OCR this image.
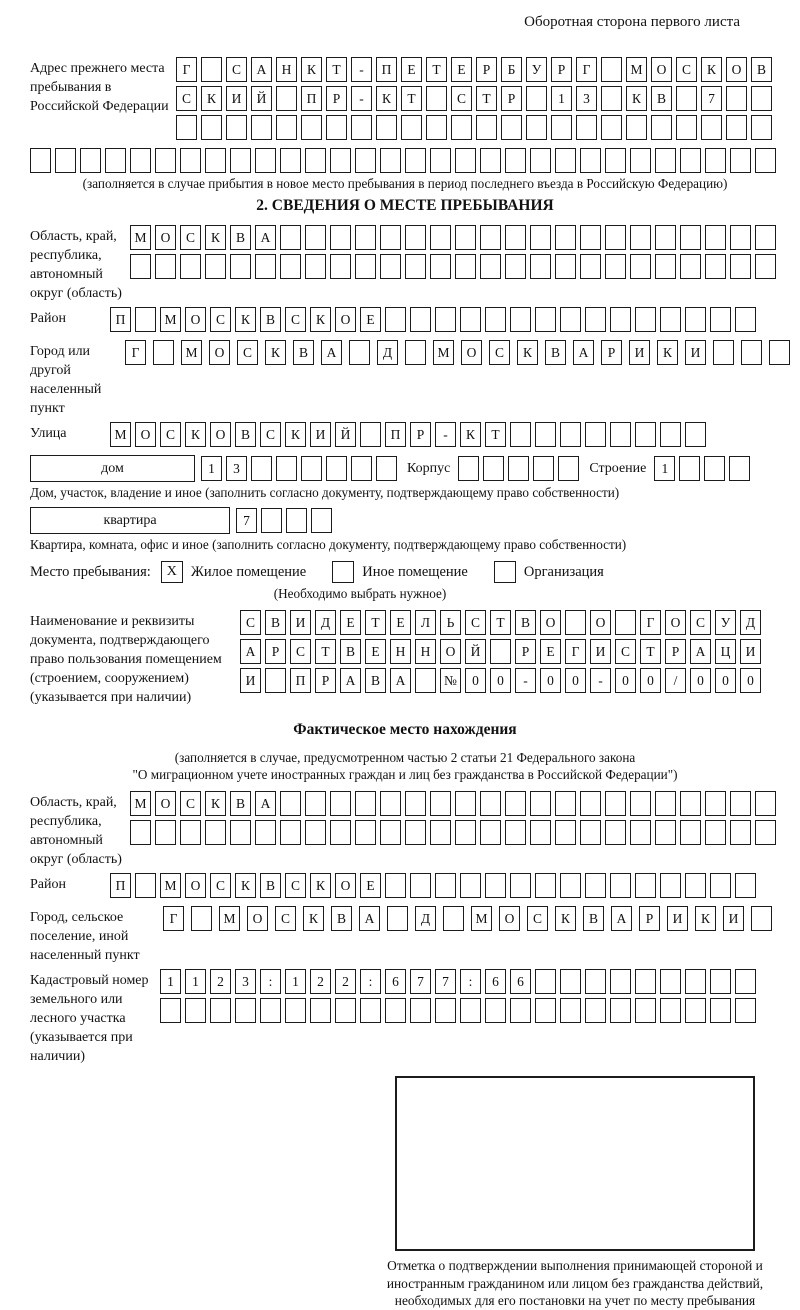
Оборотная сторона первого листа
Адрес прежнего места пребывания в Российской Федерации
Г	С	А	Н	К	Т	-	П	Е	Т	Е	Р	Б	У	Р	Г	М	О	С	К	О	В
С	К	И	Й	П	Р	-	К	Т	С	Т	Р	1	3	К	В	7
(заполняется в случае прибытия в новое место пребывания в период последнего въезда в Российскую Федерацию)
2. СВЕДЕНИЯ О МЕСТЕ ПРЕБЫВАНИЯ
Область, край, республика, автономный округ (область)
М	О	С	К	В	А
Район	П	М	О	С	К	В	С	К	О	Е
Город или другой населенный пункт
Г	М	О	С	К	В	А	Д	М	О	С	К	В	А	Р	И	К	И
Улица	М	О	С	К	О	В	С	К	И	Й	П	Р	-	К	Т
дом	1	3	Корпус	Строение	1
Дом, участок, владение и иное (заполнить согласно документу, подтверждающему право собственности)
квартира	7
Квартира, комната, офис и иное (заполнить согласно документу, подтверждающему право собственности)
Место пребывания:	Х Жилое помещение	Иное помещение	Организация
(Необходимо выбрать нужное)
Наименование и реквизиты документа, подтверждающего право пользования помещением (строением, сооружением) (указывается при наличии)
С	В	И	Д	Е	Т	Е	Л	Ь	С	Т	В	О	О	Г	О	С	У	Д
А	Р	С	Т	В	Е	Н	Н	О	Й	Р	Е	Г	И	С	Т	Р	А	Ц	И
И	П	Р	А	В	А	№	0	0	-	0	0	-	0	0	/	0	0	0
Фактическое место нахождения
(заполняется в случае, предусмотренном частью 2 статьи 21 Федерального закона
"О миграционном учете иностранных граждан и лиц без гражданства в Российской Федерации")
Область, край, республика, автономный округ (область)
М	О	С	К	В	А
Район	П	М	О	С	К	В	С	К	О	Е
Город, сельское поселение, иной населенный пункт
Г	М	О	С	К	В	А	Д	М	О	С	К	В	А	Р	И	К	И
Кадастровый номер земельного или лесного участка (указывается при наличии)
1	1	2	3	:	1	2	2	:	6	7	7	:	6	6
Отметка о подтверждении выполнения принимающей стороной и иностранным гражданином или лицом без гражданства действий, необходимых для его постановки на учет по месту пребывания
